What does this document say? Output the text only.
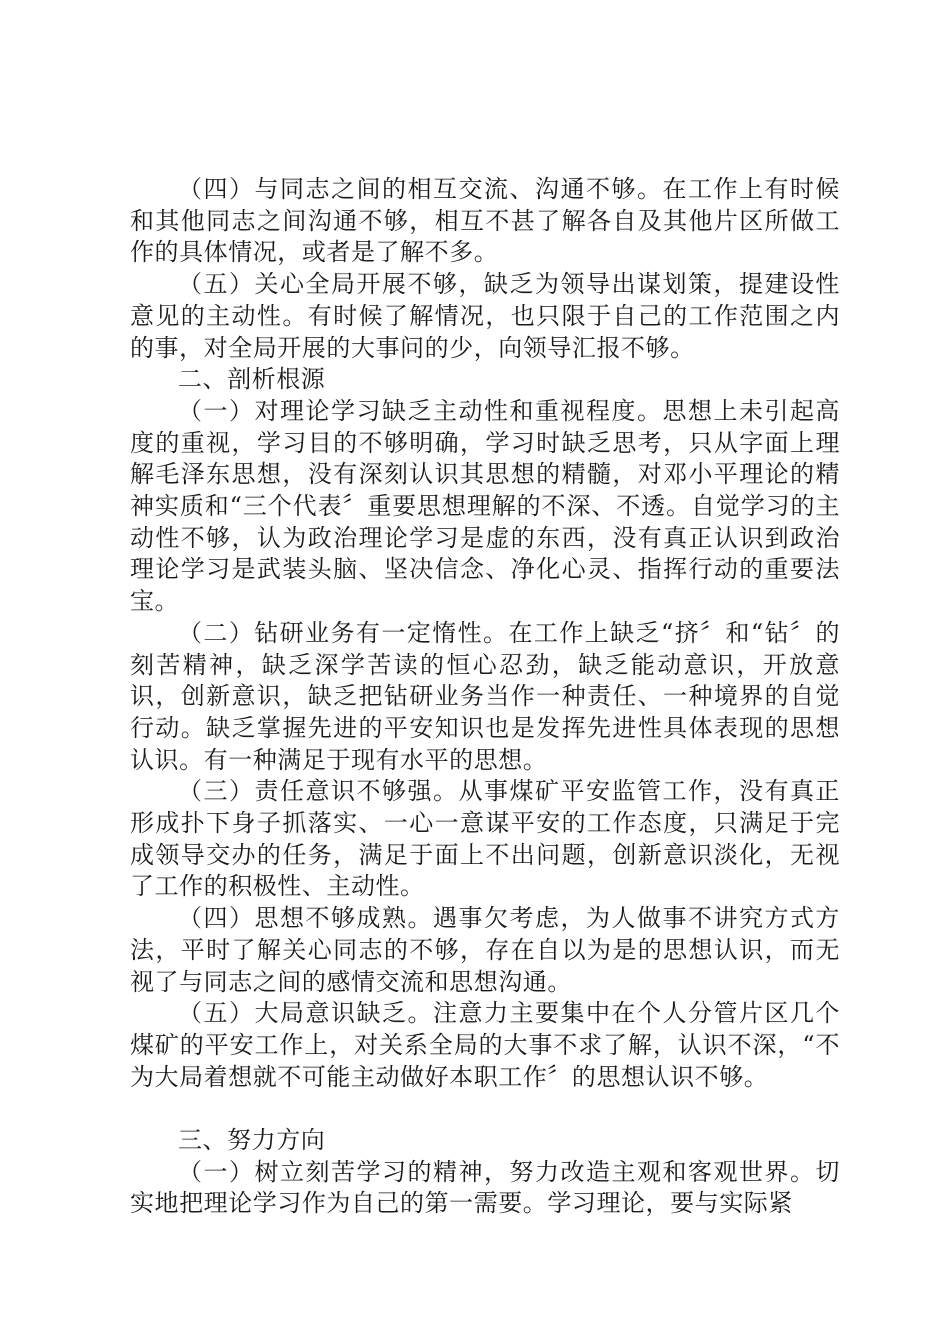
（四）与同志之间的相互交流、沟通不够。在工作上有时候和其他同志之间沟通不够，相互不甚了解各自及其他片区所做工作的具体情况，或者是了解不多。

（五）关心全局开展不够，缺乏为领导出谋划策，提建设性意见的主动性。有时候了解情况，也只限于自己的工作范围之内的事，对全局开展的大事问的少，向领导汇报不够。

二、剖析根源

（一）对理论学习缺乏主动性和重视程度。思想上未引起高度的重视，学习目的不够明确，学习时缺乏思考，只从字面上理解毛泽东思想，没有深刻认识其思想的精髓，对邓小平理论的精神实质和“三个代表〞重要思想理解的不深、不透。自觉学习的主动性不够，认为政治理论学习是虚的东西，没有真正认识到政治理论学习是武装头脑、坚决信念、净化心灵、指挥行动的重要法宝。

（二）钻研业务有一定惰性。在工作上缺乏“挤〞和“钻〞的刻苦精神，缺乏深学苦读的恒心忍劲，缺乏能动意识，开放意识，创新意识，缺乏把钻研业务当作一种责任、一种境界的自觉行动。缺乏掌握先进的平安知识也是发挥先进性具体表现的思想认识。有一种满足于现有水平的思想。

（三）责任意识不够强。从事煤矿平安监管工作，没有真正形成扑下身子抓落实、一心一意谋平安的工作态度，只满足于完成领导交办的任务，满足于面上不出问题，创新意识淡化，无视了工作的积极性、主动性。

（四）思想不够成熟。遇事欠考虑，为人做事不讲究方式方法，平时了解关心同志的不够，存在自以为是的思想认识，而无视了与同志之间的感情交流和思想沟通。

（五）大局意识缺乏。注意力主要集中在个人分管片区几个煤矿的平安工作上，对关系全局的大事不求了解，认识不深，“不为大局着想就不可能主动做好本职工作〞的思想认识不够。

三、努力方向

（一）树立刻苦学习的精神，努力改造主观和客观世界。切实地把理论学习作为自己的第一需要。学习理论，要与实际紧
